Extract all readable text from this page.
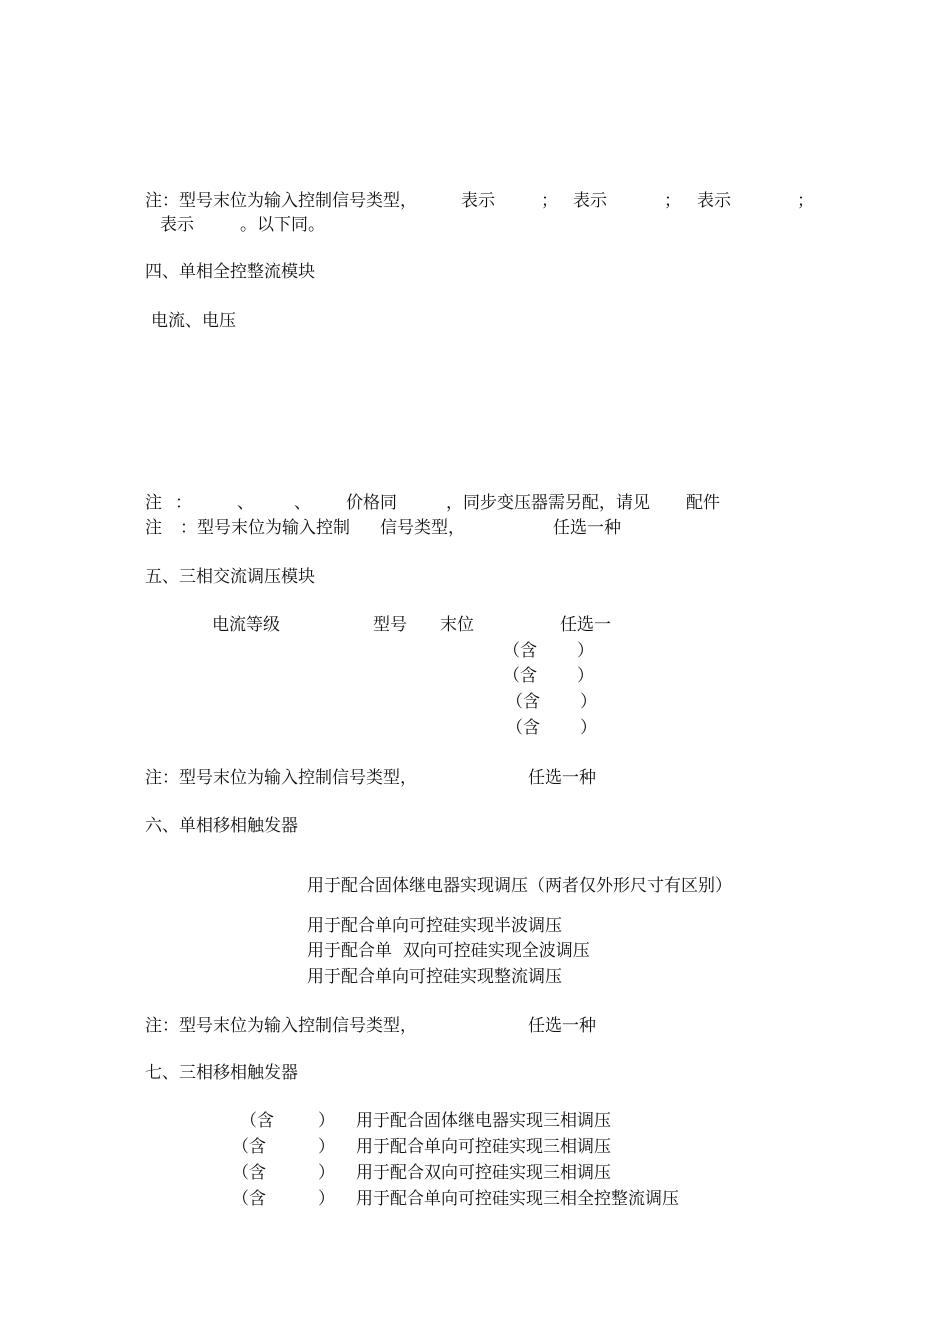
注：型号末位为输入控制信号类型，	表示	； 表示	； 表示	；
表示	。以下同。
四、单相全控整流模块
电流、电压
注 ：	、 、 价格同	，同步变压器需另配，请见 配件
注 ：型号末位为输入控制 信号类型，	任选一种
五、三相交流调压模块
电流等级	型号 末位	任选一
（含 ）
（含 ）
（含 ）
（含 ）
注：型号末位为输入控制信号类型，	任选一种
六、单相移相触发器
用于配合固体继电器实现调压（两者仅外形尺寸有区别）
用于配合单向可控硅实现半波调压
用于配合单  双向可控硅实现全波调压
用于配合单向可控硅实现整流调压
注：型号末位为输入控制信号类型，	任选一种
七、三相移相触发器
（含	） 用于配合固体继电器实现三相调压
（含	） 用于配合单向可控硅实现三相调压
（含	） 用于配合双向可控硅实现三相调压
（含	） 用于配合单向可控硅实现三相全控整流调压
